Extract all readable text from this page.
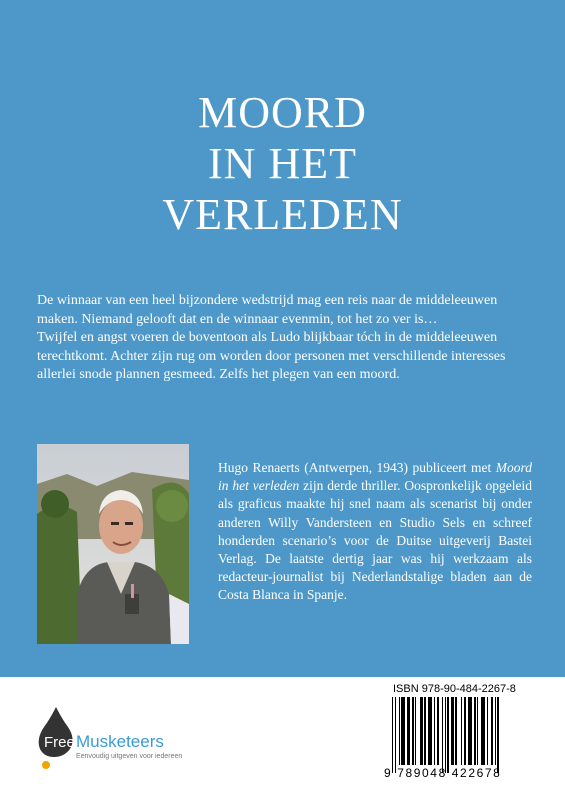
MOORD
IN HET
VERLEDEN

De winnaar van een heel bijzondere wedstrijd mag een reis naar de middeleeuwen maken. Niemand gelooft dat en de winnaar evenmin, tot het zo ver is…

Twijfel en angst voeren de boventoon als Ludo blijkbaar tóch in de middeleeuwen terechtkomt. Achter zijn rug om worden door personen met verschillende interesses allerlei snode plannen gesmeed. Zelfs het plegen van een moord.

Hugo Renaerts (Antwerpen, 1943) publiceert met Moord in het verleden zijn derde thriller. Oospronkelijk opgeleid als graficus maakte hij snel naam als scenarist bij onder anderen Willy Vandersteen en Studio Sels en schreef honderden scenario’s voor de Duitse uitgeverij Bastei Verlag. De laatste dertig jaar was hij werkzaam als redacteur-journalist bij Nederlandstalige bladen aan de Costa Blanca in Spanje.
Free Musketeers
Eenvoudig uitgeven voor iedereen
ISBN 978-90-484-2267-8
9 789048 422678
